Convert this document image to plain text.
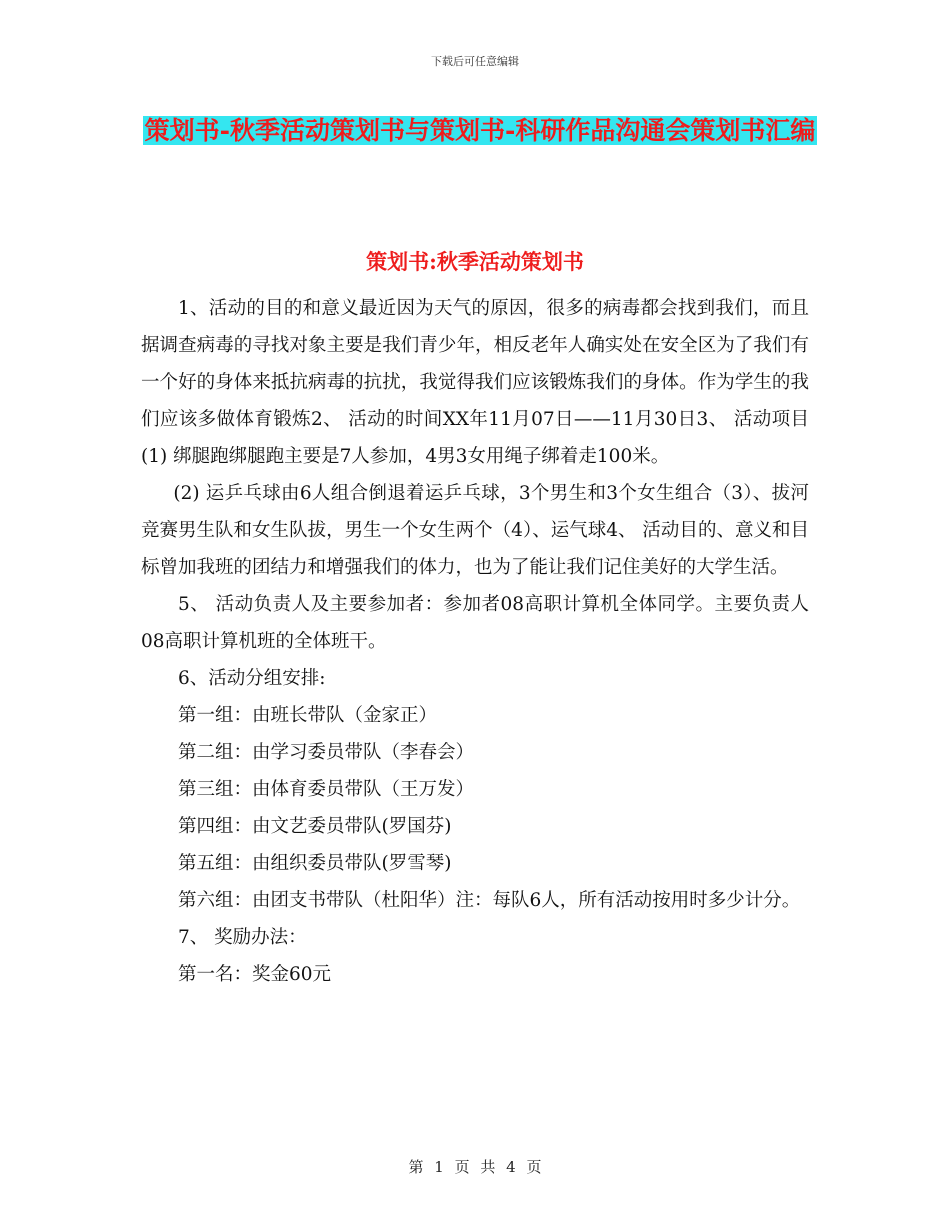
下载后可任意编辑
策划书-秋季活动策划书与策划书-科研作品沟通会策划书汇编
策划书:秋季活动策划书

1、活动的目的和意义最近因为天气的原因，很多的病毒都会找到我们，而且据调查病毒的寻找对象主要是我们青少年，相反老年人确实处在安全区为了我们有一个好的身体来抵抗病毒的抗扰，我觉得我们应该锻炼我们的身体。作为学生的我们应该多做体育锻炼2、 活动的时间XX年11月07日——11月30日3、 活动项目(1) 绑腿跑绑腿跑主要是7人参加，4男3女用绳子绑着走100米。

(2) 运乒乓球由6人组合倒退着运乒乓球，3个男生和3个女生组合（3）、拔河竞赛男生队和女生队拔，男生一个女生两个（4）、运气球4、 活动目的、意义和目标曾加我班的团结力和增强我们的体力，也为了能让我们记住美好的大学生活。

5、 活动负责人及主要参加者：参加者08高职计算机全体同学。主要负责人08高职计算机班的全体班干。

6、活动分组安排:

第一组：由班长带队（金家正）

第二组：由学习委员带队（李春会）

第三组：由体育委员带队（王万发）

第四组：由文艺委员带队(罗国芬)

第五组：由组织委员带队(罗雪琴)

第六组：由团支书带队（杜阳华）注：每队6人，所有活动按用时多少计分。

7、 奖励办法：

第一名：奖金60元

第 1 页 共 4 页
